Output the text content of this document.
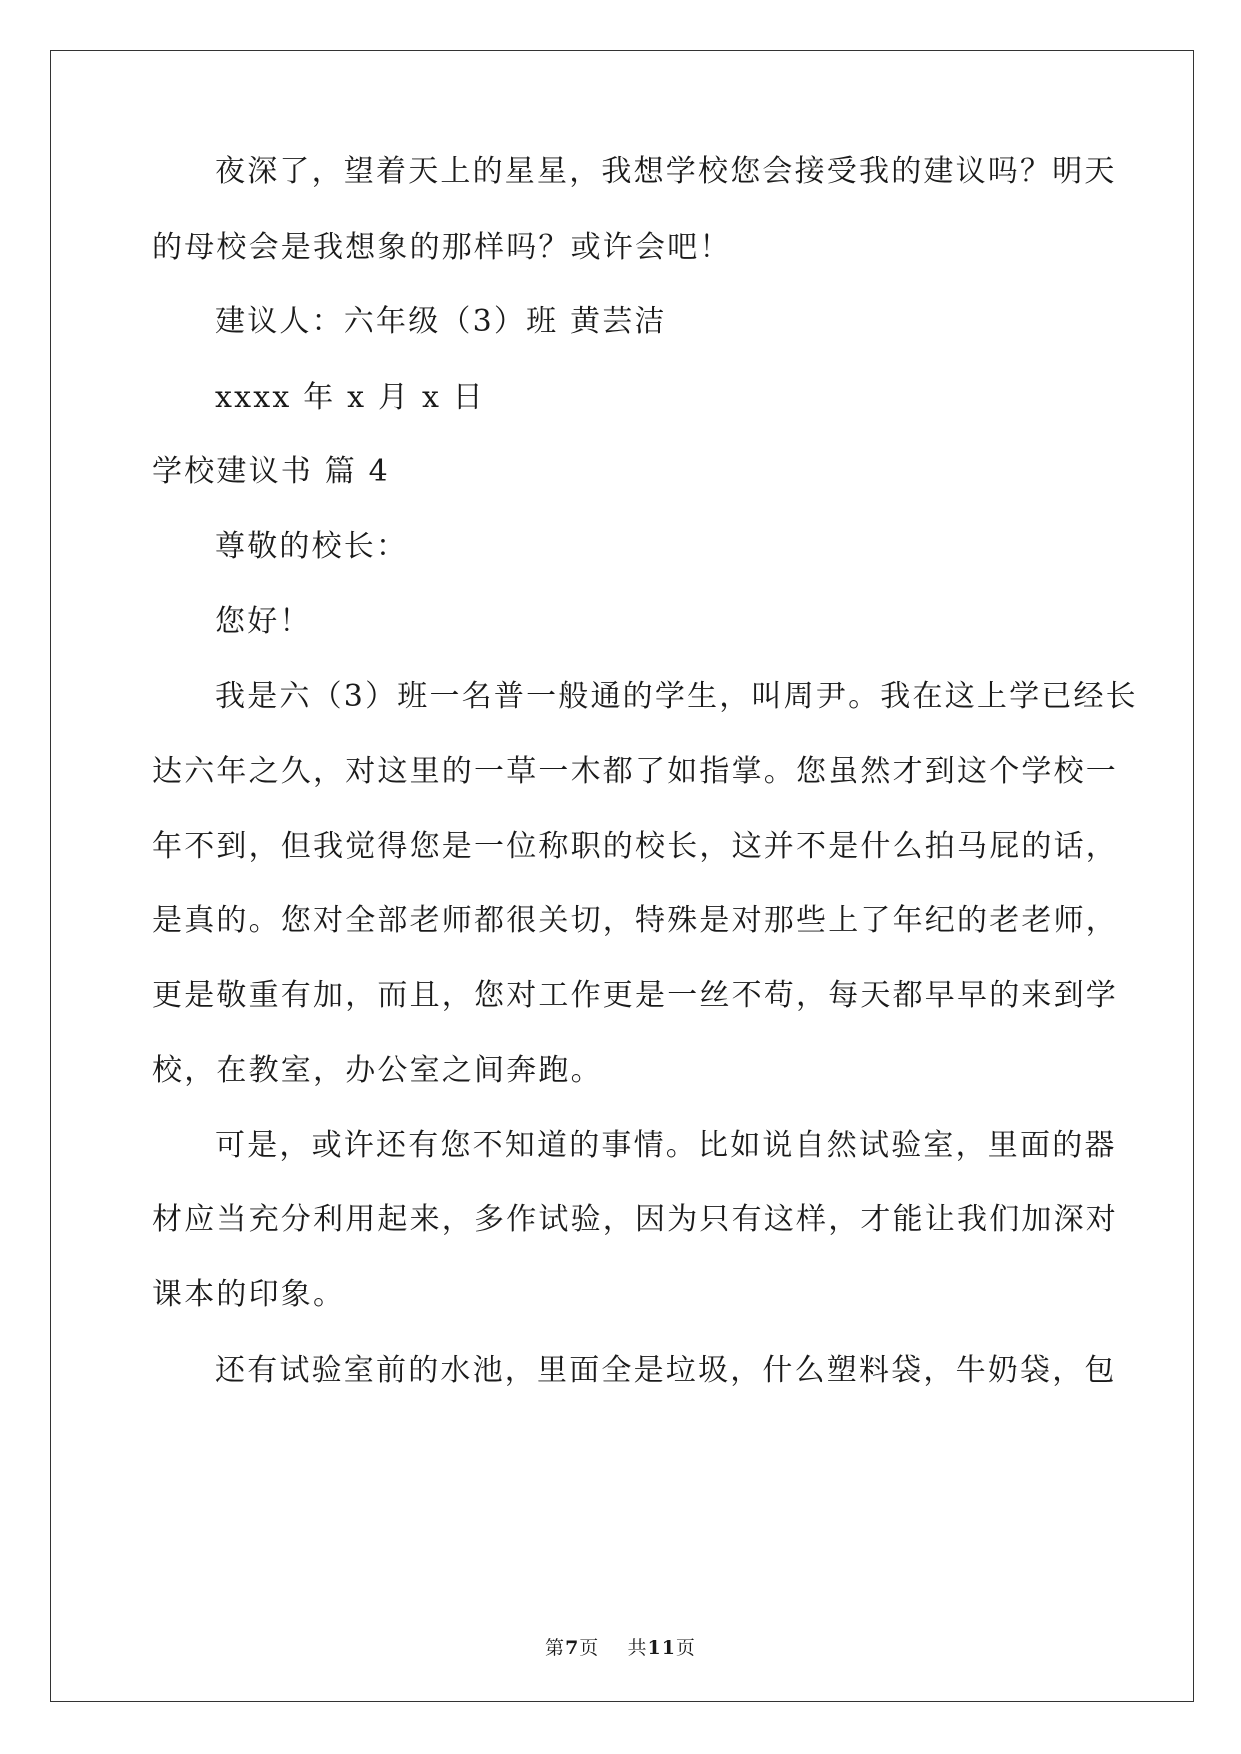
夜深了，望着天上的星星，我想学校您会接受我的建议吗？明天
的母校会是我想象的那样吗？或许会吧！
建议人：六年级（3）班 黄芸洁
xxxx 年 x 月 x 日
学校建议书 篇 4
尊敬的校长：
您好！
我是六（3）班一名普一般通的学生，叫周尹。我在这上学已经长
达六年之久，对这里的一草一木都了如指掌。您虽然才到这个学校一
年不到，但我觉得您是一位称职的校长，这并不是什么拍马屁的话，
是真的。您对全部老师都很关切，特殊是对那些上了年纪的老老师，
更是敬重有加，而且，您对工作更是一丝不苟，每天都早早的来到学
校，在教室，办公室之间奔跑。
可是，或许还有您不知道的事情。比如说自然试验室，里面的器
材应当充分利用起来，多作试验，因为只有这样，才能让我们加深对
课本的印象。
还有试验室前的水池，里面全是垃圾，什么塑料袋，牛奶袋，包
第7页    共11页
